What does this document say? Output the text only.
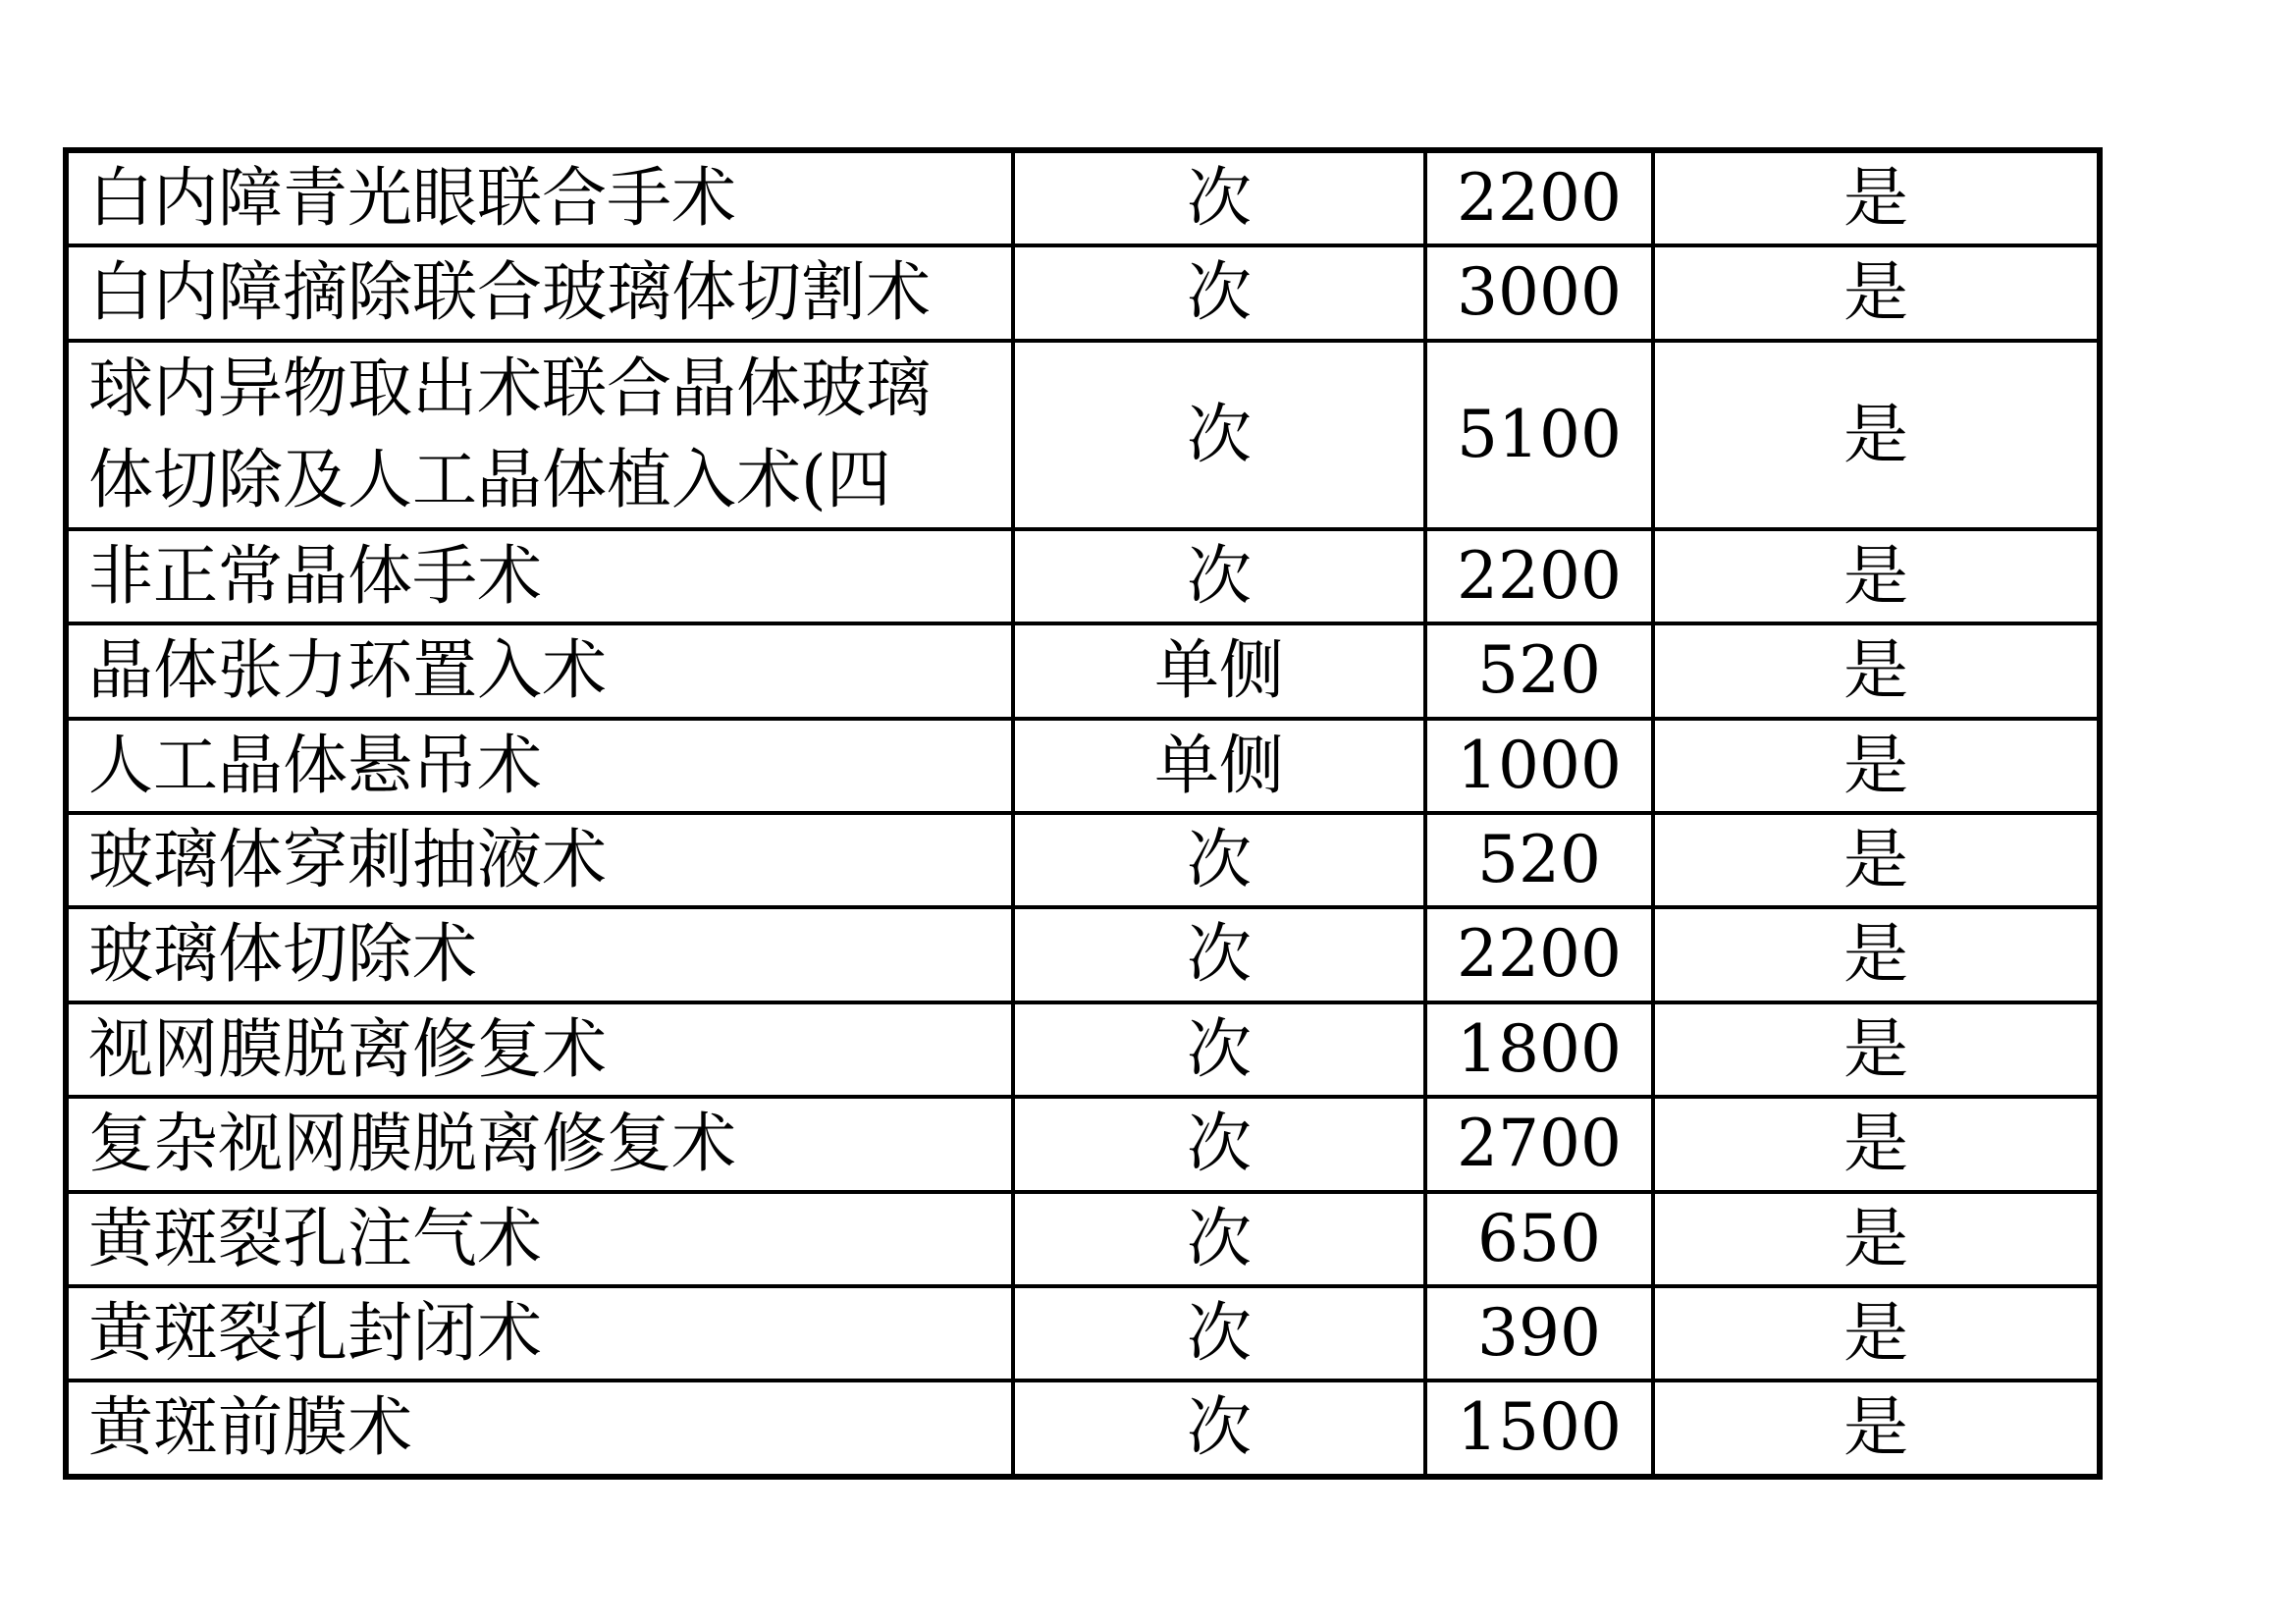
白内障青光眼联合手术	次	2200	是
白内障摘除联合玻璃体切割术	次	3000	是
球内异物取出术联合晶体玻璃体切除及人工晶体植入术(四	次	5100	是
非正常晶体手术	次	2200	是
晶体张力环置入术	单侧	520	是
人工晶体悬吊术	单侧	1000	是
玻璃体穿刺抽液术	次	520	是
玻璃体切除术	次	2200	是
视网膜脱离修复术	次	1800	是
复杂视网膜脱离修复术	次	2700	是
黄斑裂孔注气术	次	650	是
黄斑裂孔封闭术	次	390	是
黄斑前膜术	次	1500	是
